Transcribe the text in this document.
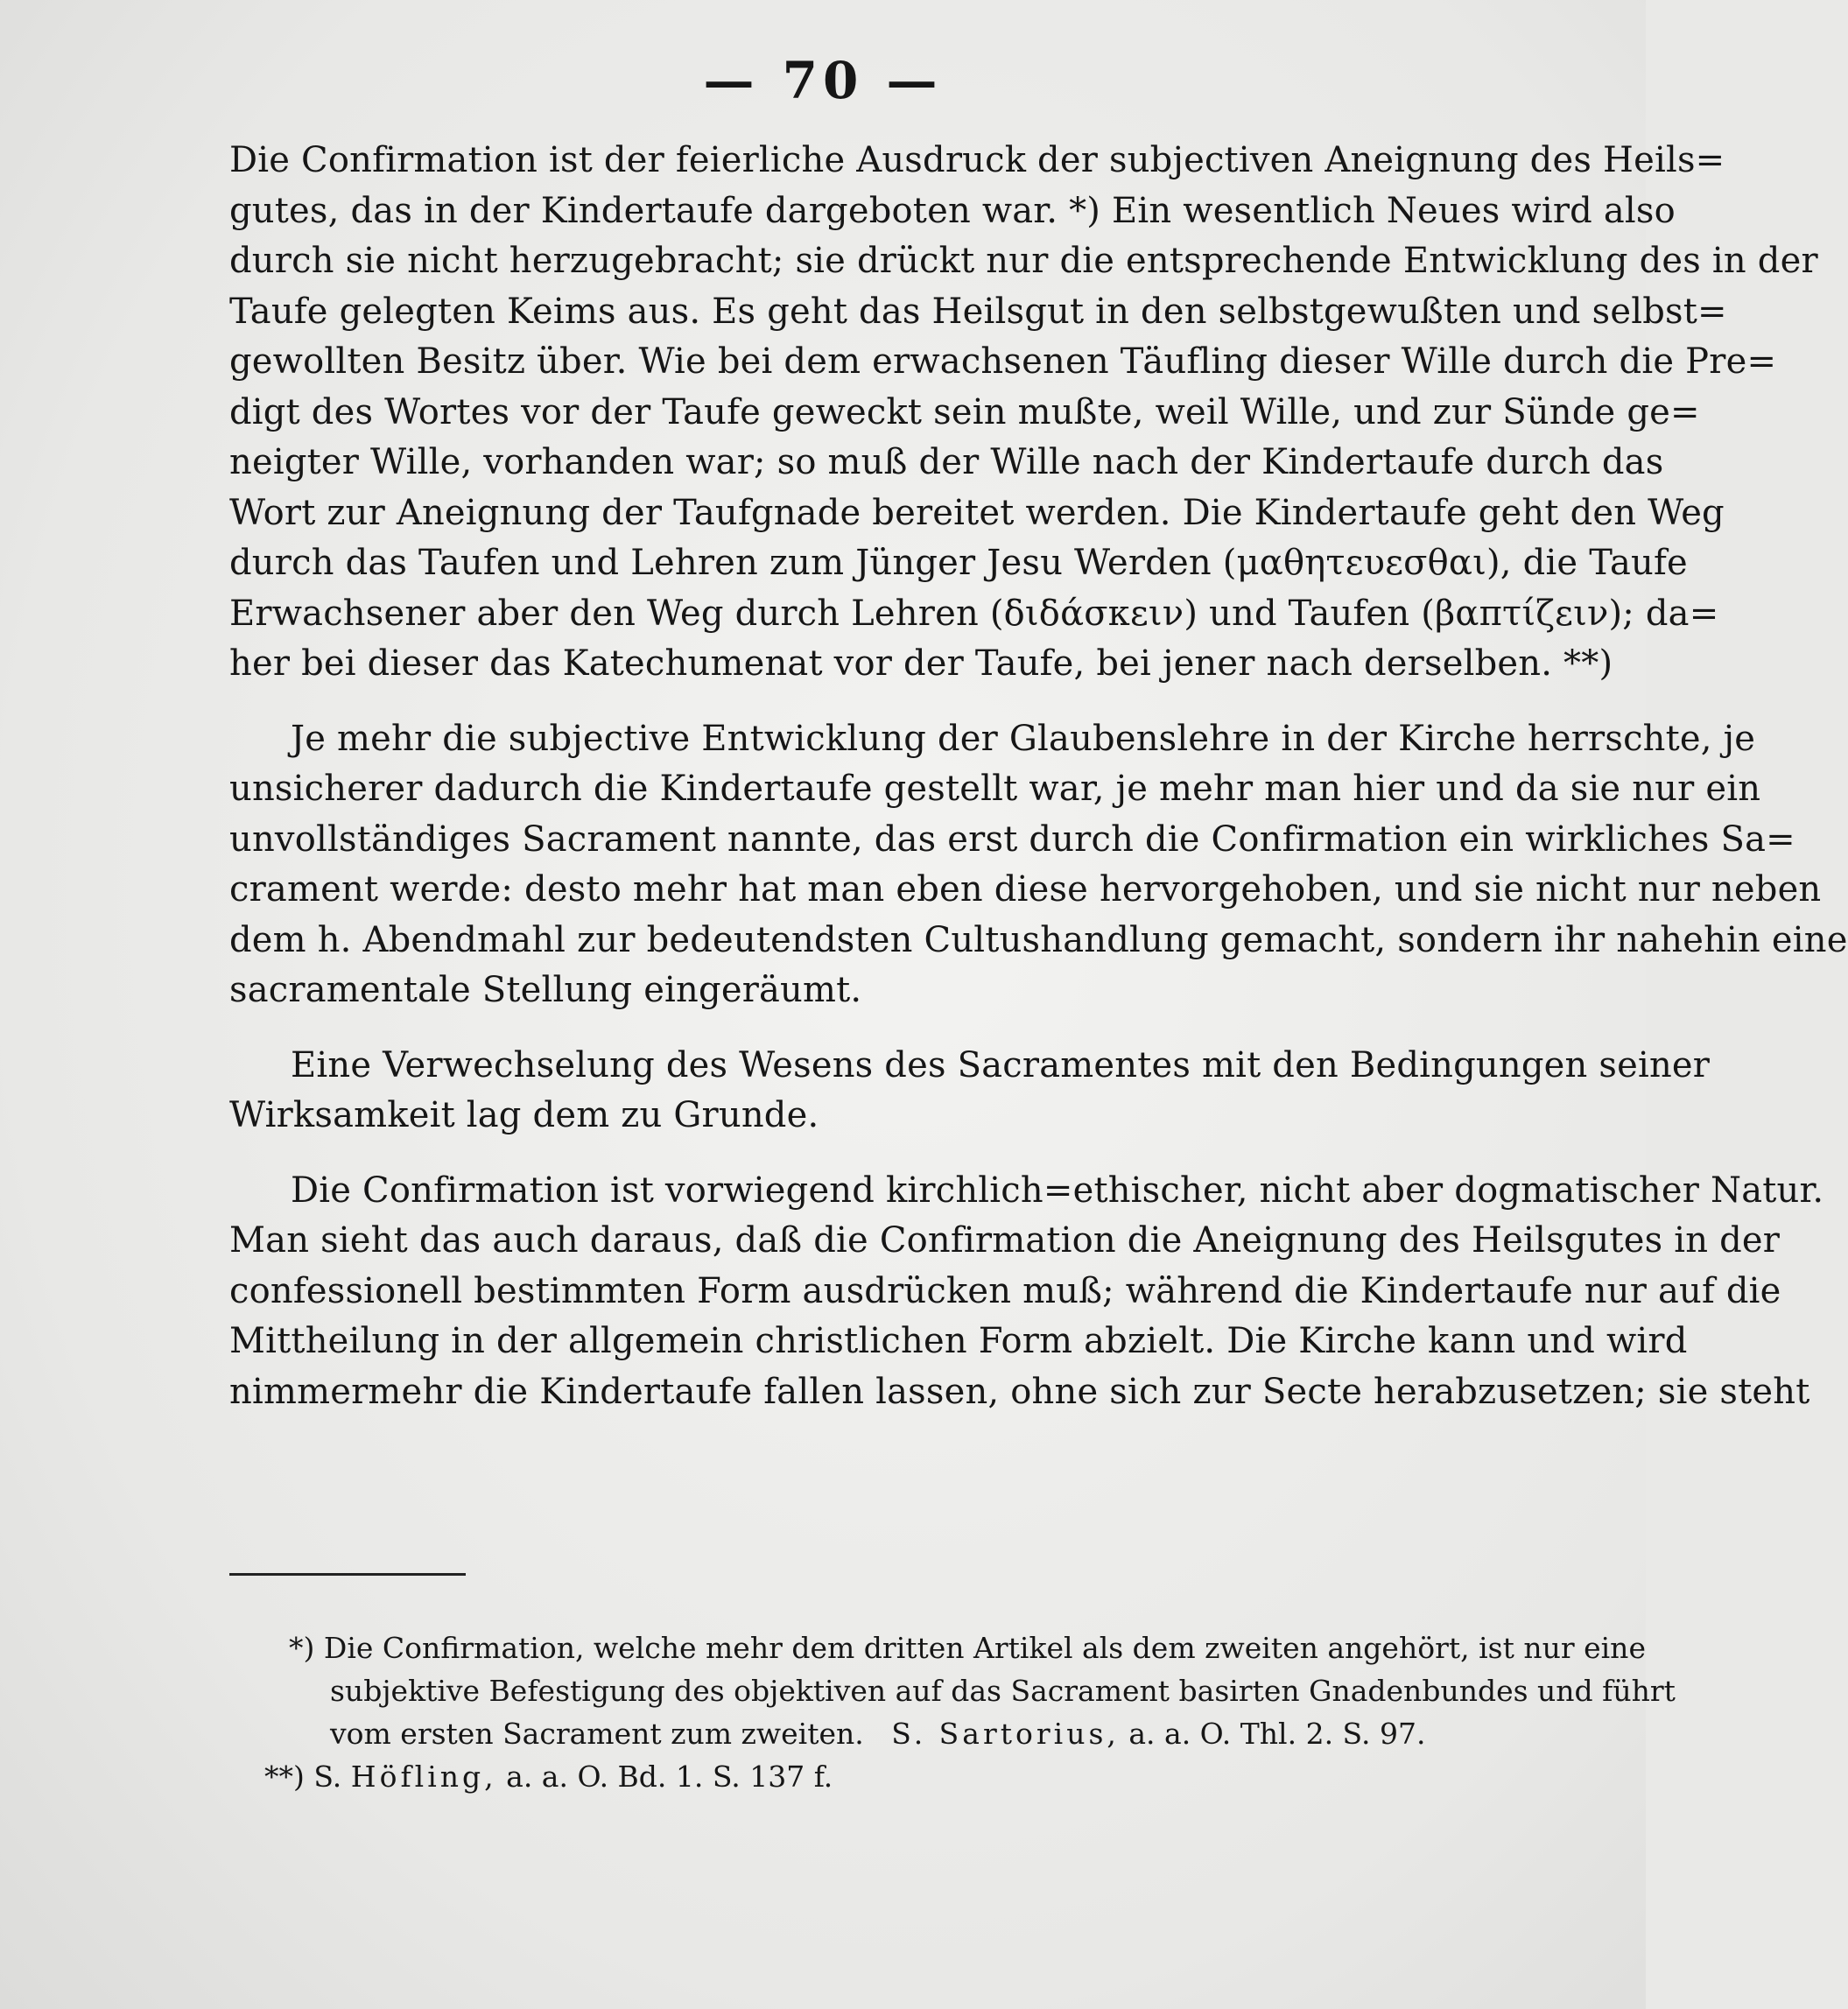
— 70 —
Die Confirmation ist der feierliche Ausdruck der subjectiven Aneignung des Heils=
gutes, das in der Kindertaufe dargeboten war. *) Ein wesentlich Neues wird also
durch sie nicht herzugebracht; sie drückt nur die entsprechende Entwicklung des in der
Taufe gelegten Keims aus. Es geht das Heilsgut in den selbstgewußten und selbst=
gewollten Besitz über. Wie bei dem erwachsenen Täufling dieser Wille durch die Pre=
digt des Wortes vor der Taufe geweckt sein mußte, weil Wille, und zur Sünde ge=
neigter Wille, vorhanden war; so muß der Wille nach der Kindertaufe durch das
Wort zur Aneignung der Taufgnade bereitet werden. Die Kindertaufe geht den Weg
durch das Taufen und Lehren zum Jünger Jesu Werden (μαθητευεσθαι), die Taufe
Erwachsener aber den Weg durch Lehren (διδάσκειν) und Taufen (βαπτίζειν); da=
her bei dieser das Katechumenat vor der Taufe, bei jener nach derselben. **)
Je mehr die subjective Entwicklung der Glaubenslehre in der Kirche herrschte, je
unsicherer dadurch die Kindertaufe gestellt war, je mehr man hier und da sie nur ein
unvollständiges Sacrament nannte, das erst durch die Confirmation ein wirkliches Sa=
crament werde: desto mehr hat man eben diese hervorgehoben, und sie nicht nur neben
dem h. Abendmahl zur bedeutendsten Cultushandlung gemacht, sondern ihr nahehin eine
sacramentale Stellung eingeräumt.
Eine Verwechselung des Wesens des Sacramentes mit den Bedingungen seiner
Wirksamkeit lag dem zu Grunde.
Die Confirmation ist vorwiegend kirchlich=ethischer, nicht aber dogmatischer Natur.
Man sieht das auch daraus, daß die Confirmation die Aneignung des Heilsgutes in der
confessionell bestimmten Form ausdrücken muß; während die Kindertaufe nur auf die
Mittheilung in der allgemein christlichen Form abzielt. Die Kirche kann und wird
nimmermehr die Kindertaufe fallen lassen, ohne sich zur Secte herabzusetzen; sie steht
*) Die Confirmation, welche mehr dem dritten Artikel als dem zweiten angehört, ist nur eine
subjektive Befestigung des objektiven auf das Sacrament basirten Gnadenbundes und führt
vom ersten Sacrament zum zweiten. S. Sartorius, a. a. O. Thl. 2. S. 97.
**) S. Höfling, a. a. O. Bd. 1. S. 137 f.
